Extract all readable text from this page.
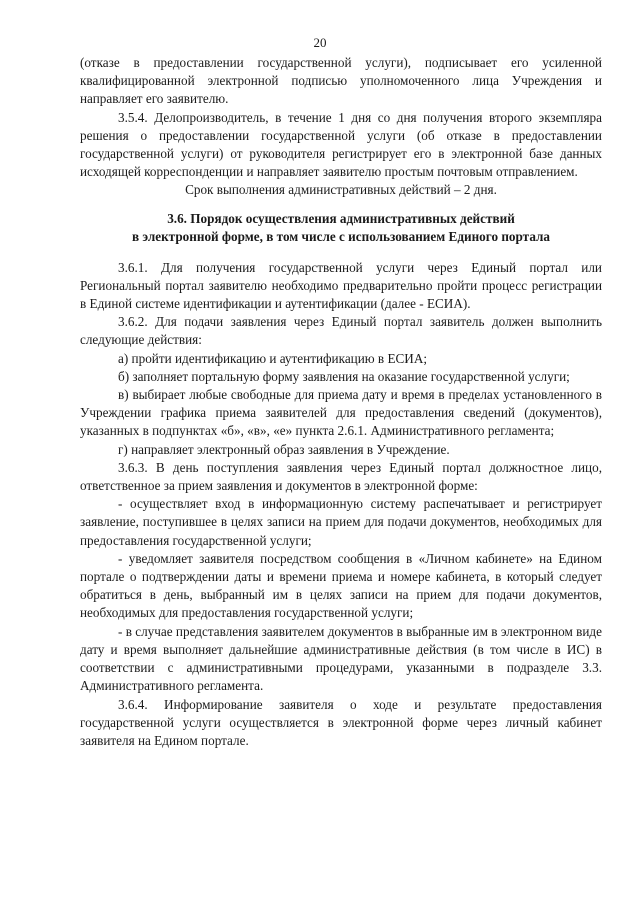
20

(отказе в предоставлении государственной услуги), подписывает его усиленной квалифицированной электронной подписью уполномоченного лица Учреждения и направляет его заявителю.

3.5.4. Делопроизводитель, в течение 1 дня со дня получения второго экземпляра решения о предоставлении государственной услуги (об отказе в предоставлении государственной услуги) от руководителя регистрирует его в электронной базе данных исходящей корреспонденции и направляет заявителю простым почтовым отправлением.

Срок выполнения административных действий – 2 дня.

3.6. Порядок осуществления административных действий
в электронной форме, в том числе с использованием Единого портала

3.6.1. Для получения государственной услуги через Единый портал или Региональный портал заявителю необходимо предварительно пройти процесс регистрации в Единой системе идентификации и аутентификации (далее - ЕСИА).

3.6.2. Для подачи заявления через Единый портал заявитель должен выполнить следующие действия:

а) пройти идентификацию и аутентификацию в ЕСИА;

б) заполняет портальную форму заявления на оказание государственной услуги;

в) выбирает любые свободные для приема дату и время в пределах установленного в Учреждении графика приема заявителей для предоставления сведений (документов), указанных в подпунктах «б», «в», «е» пункта 2.6.1. Административного регламента;

г) направляет электронный образ заявления в Учреждение.

3.6.3. В день поступления заявления через Единый портал должностное лицо, ответственное за прием заявления и документов в электронной форме:

- осуществляет вход в информационную систему распечатывает и регистрирует заявление, поступившее в целях записи на прием для подачи документов, необходимых для предоставления государственной услуги;

- уведомляет заявителя посредством сообщения в «Личном кабинете» на Едином портале о подтверждении даты и времени приема и номере кабинета, в который следует обратиться в день, выбранный им в целях записи на прием для подачи документов, необходимых для предоставления государственной услуги;

- в случае представления заявителем документов в выбранные им в электронном виде дату и время выполняет дальнейшие административные действия (в том числе в ИС) в соответствии с административными процедурами, указанными в подразделе 3.3. Административного регламента.

3.6.4. Информирование заявителя о ходе и результате предоставления государственной услуги осуществляется в электронной форме через личный кабинет заявителя на Едином портале.
